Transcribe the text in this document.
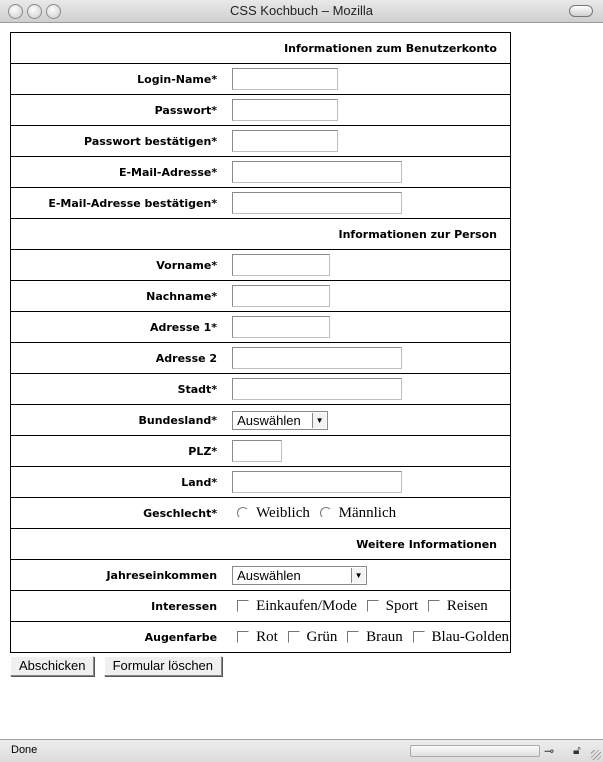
CSS Kochbuch – Mozilla
Informationen zum Benutzerkonto	
Login-Name*	
Passwort*	
Passwort bestätigen*	
E-Mail-Adresse*	
E-Mail-Adresse bestätigen*	
Informationen zur Person	
Vorname*	
Nachname*	
Adresse 1*	
Adresse 2	
Stadt*	
Bundesland*	Auswählen ▼

PLZ*	
Land*	
Geschlecht*	Weiblich Männlich
Weitere Informationen	
Jahreseinkommen	Auswählen ▼

Interessen	Einkaufen/Mode Sport Reisen
Augenfarbe	Rot Grün Braun Blau-Golden
Abschicken Formular löschen
Done	⊸ 🔓︎
